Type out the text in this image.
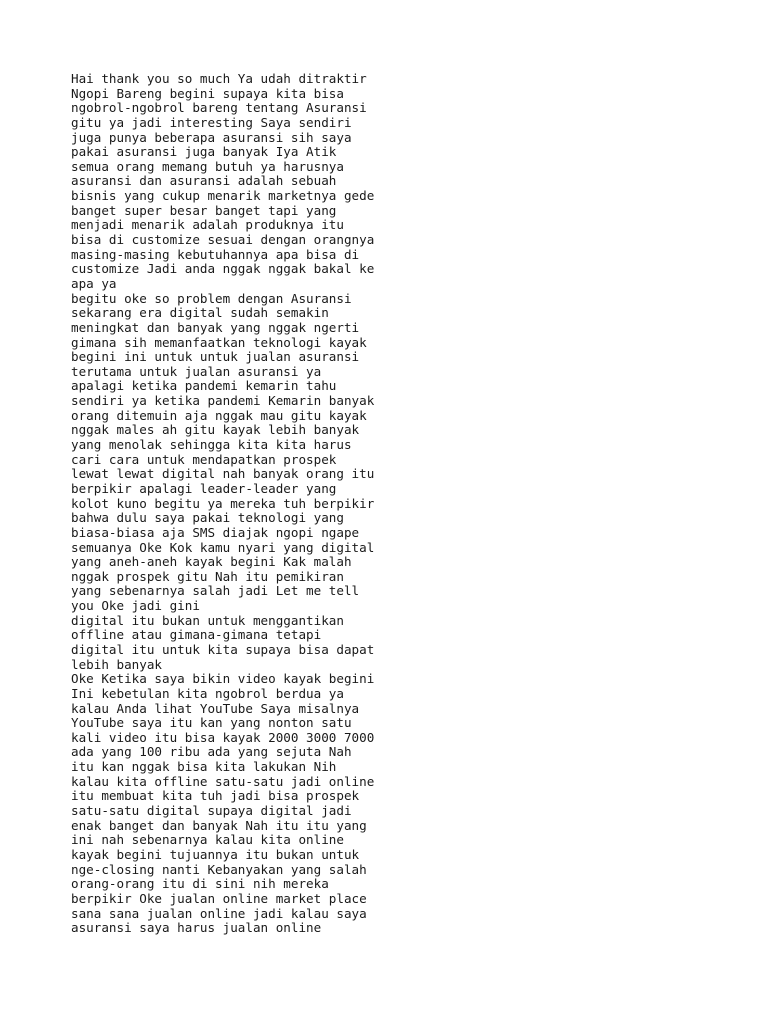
Hai thank you so much Ya udah ditraktir
Ngopi Bareng begini supaya kita bisa
ngobrol-ngobrol bareng tentang Asuransi
gitu ya jadi interesting Saya sendiri
juga punya beberapa asuransi sih saya
pakai asuransi juga banyak Iya Atik
semua orang memang butuh ya harusnya
asuransi dan asuransi adalah sebuah
bisnis yang cukup menarik marketnya gede
banget super besar banget tapi yang
menjadi menarik adalah produknya itu
bisa di customize sesuai dengan orangnya
masing-masing kebutuhannya apa bisa di
customize Jadi anda nggak nggak bakal ke
apa ya
begitu oke so problem dengan Asuransi
sekarang era digital sudah semakin
meningkat dan banyak yang nggak ngerti
gimana sih memanfaatkan teknologi kayak
begini ini untuk untuk jualan asuransi
terutama untuk jualan asuransi ya
apalagi ketika pandemi kemarin tahu
sendiri ya ketika pandemi Kemarin banyak
orang ditemuin aja nggak mau gitu kayak
nggak males ah gitu kayak lebih banyak
yang menolak sehingga kita kita harus
cari cara untuk mendapatkan prospek
lewat lewat digital nah banyak orang itu
berpikir apalagi leader-leader yang
kolot kuno begitu ya mereka tuh berpikir
bahwa dulu saya pakai teknologi yang
biasa-biasa aja SMS diajak ngopi ngape
semuanya Oke Kok kamu nyari yang digital
yang aneh-aneh kayak begini Kak malah
nggak prospek gitu Nah itu pemikiran
yang sebenarnya salah jadi Let me tell
you Oke jadi gini
digital itu bukan untuk menggantikan
offline atau gimana-gimana tetapi
digital itu untuk kita supaya bisa dapat
lebih banyak
Oke Ketika saya bikin video kayak begini
Ini kebetulan kita ngobrol berdua ya
kalau Anda lihat YouTube Saya misalnya
YouTube saya itu kan yang nonton satu
kali video itu bisa kayak 2000 3000 7000
ada yang 100 ribu ada yang sejuta Nah
itu kan nggak bisa kita lakukan Nih
kalau kita offline satu-satu jadi online
itu membuat kita tuh jadi bisa prospek
satu-satu digital supaya digital jadi
enak banget dan banyak Nah itu itu yang
ini nah sebenarnya kalau kita online
kayak begini tujuannya itu bukan untuk
nge-closing nanti Kebanyakan yang salah
orang-orang itu di sini nih mereka
berpikir Oke jualan online market place
sana sana jualan online jadi kalau saya
asuransi saya harus jualan online
